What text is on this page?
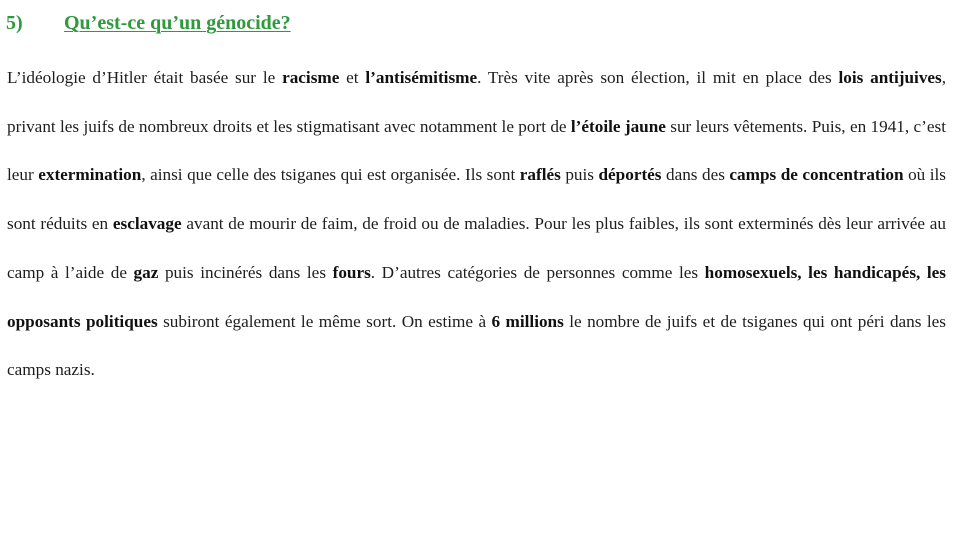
5) Qu’est-ce qu’un génocide?

L’idéologie d’Hitler était basée sur le racisme et l’antisémitisme. Très vite après son élection, il mit en place des lois antijuives, privant les juifs de nombreux droits et les stigmatisant avec notamment le port de l’étoile jaune sur leurs vêtements. Puis, en 1941, c’est leur extermination, ainsi que celle des tsiganes qui est organisée. Ils sont raflés puis déportés dans des camps de concentration où ils sont réduits en esclavage avant de mourir de faim, de froid ou de maladies. Pour les plus faibles, ils sont exterminés dès leur arrivée au camp à l’aide de gaz puis incinérés dans les fours. D’autres catégories de personnes comme les homosexuels, les handicapés, les opposants politiques subiront également le même sort. On estime à 6 millions le nombre de juifs et de tsiganes qui ont péri dans les camps nazis.
